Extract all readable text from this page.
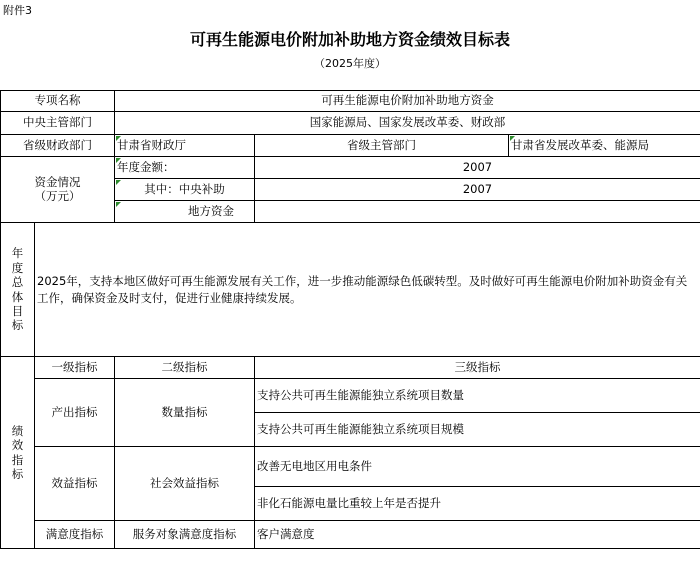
附件3
可再生能源电价附加补助地方资金绩效目标表
（2025年度）
专项名称		可再生能源电价附加补助地方资金			
中央主管部门		国家能源局、国家发展改革委、财政部			
省级财政部门		甘肃省财政厅	省级主管部门	甘肃省发展改革委、能源局	
资金情况
（万元）		年度金额：	2007		
		其中：中央补助	2007		
		地方资金			
年度总体目标	2025年，支持本地区做好可再生能源发展有关工作，进一步推动能源绿色低碳转型。及时做好可再生能源电价附加补助资金有关工作，确保资金及时支付，促进行业健康持续发展。				

绩效指标	一级指标	二级指标	三级指标	
	产出指标	数量指标	支持公共可再生能源能独立系统项目数量	
			支持公共可再生能源能独立系统项目规模	
	效益指标	社会效益指标	改善无电地区用电条件	
			非化石能源电量比重较上年是否提升	
	满意度指标	服务对象满意度指标	客户满意度	
